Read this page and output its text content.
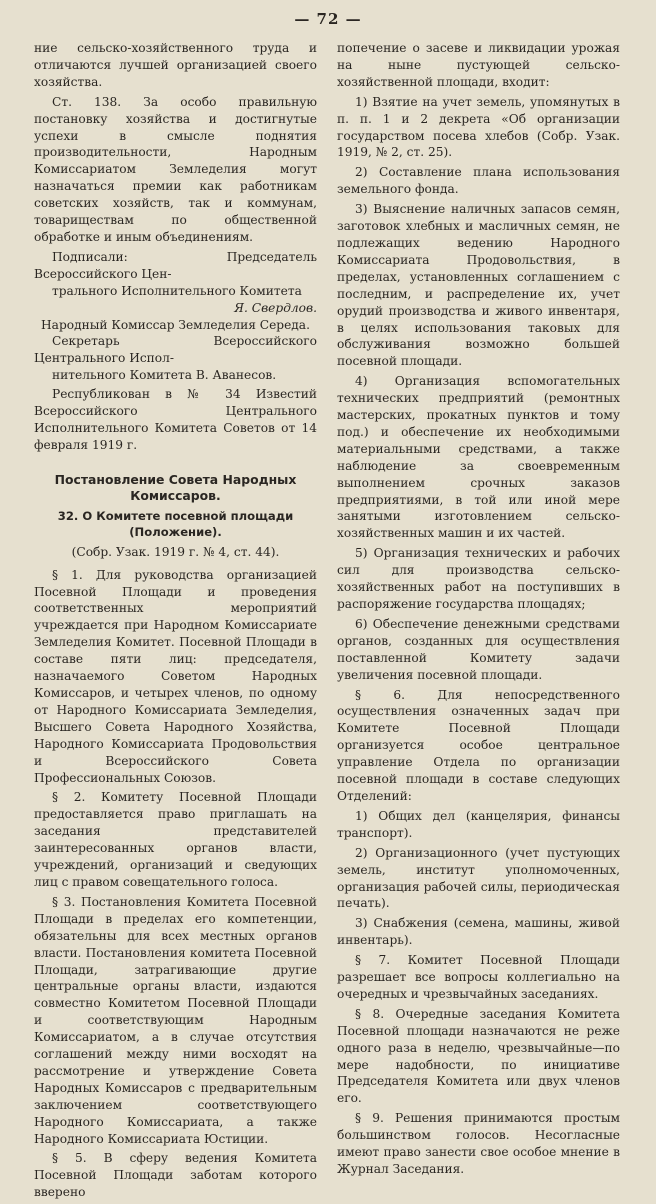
— 72 —

ние сельско-хозяйственного труда и отличаются лучшей организацией своего хозяйства.

Ст. 138. За особо правильную постановку хозяйства и достигнутые успехи в смысле поднятия производительности, Народным Комиссариатом Земледелия могут назначаться премии как работникам советских хозяйств, так и коммунам, товариществам по общественной обработке и иным объединениям.

Подписали: Председатель Всероссийского Цен-
трального Исполнительного Комитета
Я. Свердлов.
Народный Комиссар Земледелия Середа.
Секретарь Всероссийского Центрального Испол-
нительного Комитета В. Аванесов.

Республикован в № 34 Известий Всероссийского Центрального Исполнительного Комитета Советов от 14 февраля 1919 г.

Постановление Совета Народных Комиссаров.
32. О Комитете посевной площади (Положение).
(Собр. Узак. 1919 г. № 4, ст. 44).

§ 1. Для руководства организацией Посевной Площади и проведения соответственных мероприятий учреждается при Народном Комиссариате Земледелия Комитет. Посевной Площади в составе пяти лиц: председателя, назначаемого Советом Народных Комиссаров, и четырех членов, по одному от Народного Комиссариата Земледелия, Высшего Совета Народного Хозяйства, Народного Комиссариата Продовольствия и Всероссийского Совета Профессиональных Союзов.

§ 2. Комитету Посевной Площади предоставляется право приглашать на заседания представителей заинтересованных органов власти, учреждений, организаций и сведующих лиц с правом совещательного голоса.

§ 3. Постановления Комитета Посевной Площади в пределах его компетенции, обязательны для всех местных органов власти. Постановления комитета Посевной Площади, затрагивающие другие центральные органы власти, издаются совместно Комитетом Посевной Площади и соответствующим Народным Комиссариатом, а в случае отсутствия соглашений между ними восходят на рассмотрение и утверждение Совета Народных Комиссаров с предварительным заключением соответствующего Народного Комиссариата, а также Народного Комиссариата Юстиции.

§ 5. В сферу ведения Комитета Посевной Площади заботам которого вверено

попечение о засеве и ликвидации урожая на ныне пустующей сельско-хозяйственной площади, входит:

1) Взятие на учет земель, упомянутых в п. п. 1 и 2 декрета «Об организации государством посева хлебов (Собр. Узак. 1919, № 2, ст. 25).

2) Составление плана использования земельного фонда.

3) Выяснение наличных запасов семян, заготовок хлебных и масличных семян, не подлежащих ведению Народного Комиссариата Продовольствия, в пределах, установленных соглашением с последним, и распределение их, учет орудий производства и живого инвентаря, в целях использования таковых для обслуживания возможно большей посевной площади.

4) Организация вспомогательных технических предприятий (ремонтных мастерских, прокатных пунктов и тому под.) и обеспечение их необходимыми материальными средствами, а также наблюдение за своевременным выполнением срочных заказов предприятиями, в той или иной мере занятыми изготовлением сельско-хозяйственных машин и их частей.

5) Организация технических и рабочих сил для производства сельско-хозяйственных работ на поступивших в распоряжение государства площадях;

6) Обеспечение денежными средствами органов, созданных для осуществления поставленной Комитету задачи увеличения посевной площади.

§ 6. Для непосредственного осуществления означенных задач при Комитете Посевной Площади организуется особое центральное управление Отдела по организации посевной площади в составе следующих Отделений:

1) Общих дел (канцелярия, финансы транспорт).

2) Организационного (учет пустующих земель, институт уполномоченных, организация рабочей силы, периодическая печать).

3) Снабжения (семена, машины, живой инвентарь).

§ 7. Комитет Посевной Площади разрешает все вопросы коллегиально на очередных и чрезвычайных заседаниях.

§ 8. Очередные заседания Комитета Посевной площади назначаются не реже одного раза в неделю, чрезвычайные—по мере надобности, по инициативе Председателя Комитета или двух членов его.

§ 9. Решения принимаются простым большинством голосов. Несогласные имеют право занести свое особое мнение в Журнал Заседания.
